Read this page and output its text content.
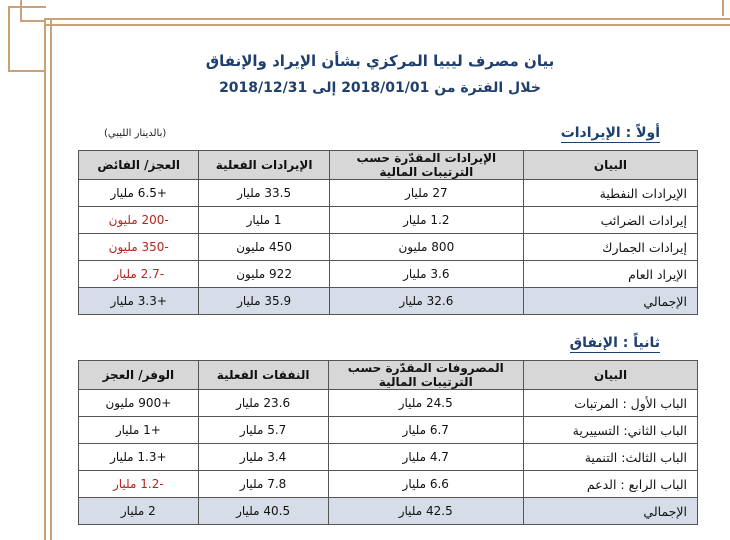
بيان مصرف ليبيا المركزي بشأن الإيراد والإنفاق
خلال الفترة من 2018/01/01 إلى 2018/12/31
أولاً : الإيرادات
(بالدينار الليبي)
البيان	الإيرادات المقدّرة حسب الترتيبات المالية	الإيرادات الفعلية	العجز/ الفائض
الإيرادات النفطية	27 مليار	33.5 مليار	+6.5 مليار
إيرادات الضرائب	1.2 مليار	1 مليار	-200 مليون
إيرادات الجمارك	800 مليون	450 مليون	-350 مليون
الإيراد العام	3.6 مليار	922 مليون	-2.7 مليار
الإجمالي	32.6 مليار	35.9 مليار	+3.3 مليار
ثانياً : الإنفاق
البيان	المصروفات المقدّرة حسب الترتيبات المالية	النفقات الفعلية	الوفر/ العجز
الباب الأول : المرتبات	24.5 مليار	23.6 مليار	+900 مليون
الباب الثاني: التسييرية	6.7 مليار	5.7 مليار	+1 مليار
الباب الثالث: التنمية	4.7 مليار	3.4 مليار	+1.3 مليار
الباب الرابع : الدعم	6.6 مليار	7.8 مليار	-1.2 مليار
الإجمالي	42.5 مليار	40.5 مليار	2 مليار
